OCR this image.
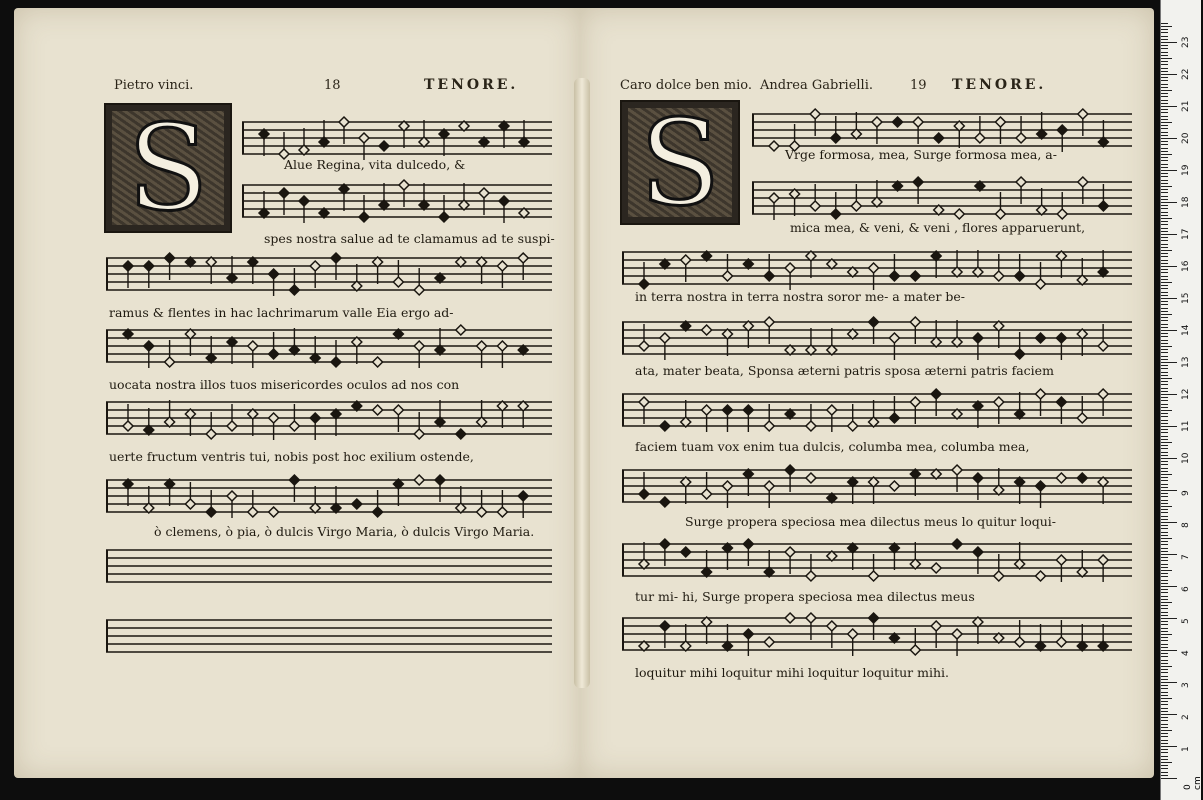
Pietro vinci.	18	TENORE.
S	Alue Regina, vita dulcedo, &
spes nostra salue ad te clamamus ad te suspi-
ramus & flentes in hac lachrimarum valle Eia ergo ad-
uocata nostra illos tuos misericordes oculos ad nos con
uerte fructum ventris tui, nobis post hoc exilium ostende,
ò clemens, ò pia, ò dulcis Virgo Maria, ò dulcis Virgo Maria.
Caro dolce ben mio. Andrea Gabrielli.	19 TENORE.
S	Vrge formosa, mea, Surge formosa mea, a-
mica mea, & veni, & veni , flores apparuerunt,
in terra nostra in terra nostra soror me- a mater be-
ata, mater beata, Sponsa æterni patris sposa æterni patris faciem
faciem tuam vox enim tua dulcis, columba mea, columba mea,
Surge propera speciosa mea dilectus meus lo quitur loqui-
tur mi- hi, Surge propera speciosa mea dilectus meus
loquitur mihi loquitur mihi loquitur loquitur mihi.
0 cm
1
2
3
4
5
6
7
8
9
10
11
12
13
14
15
16
17
18
19
20
21
22
23
